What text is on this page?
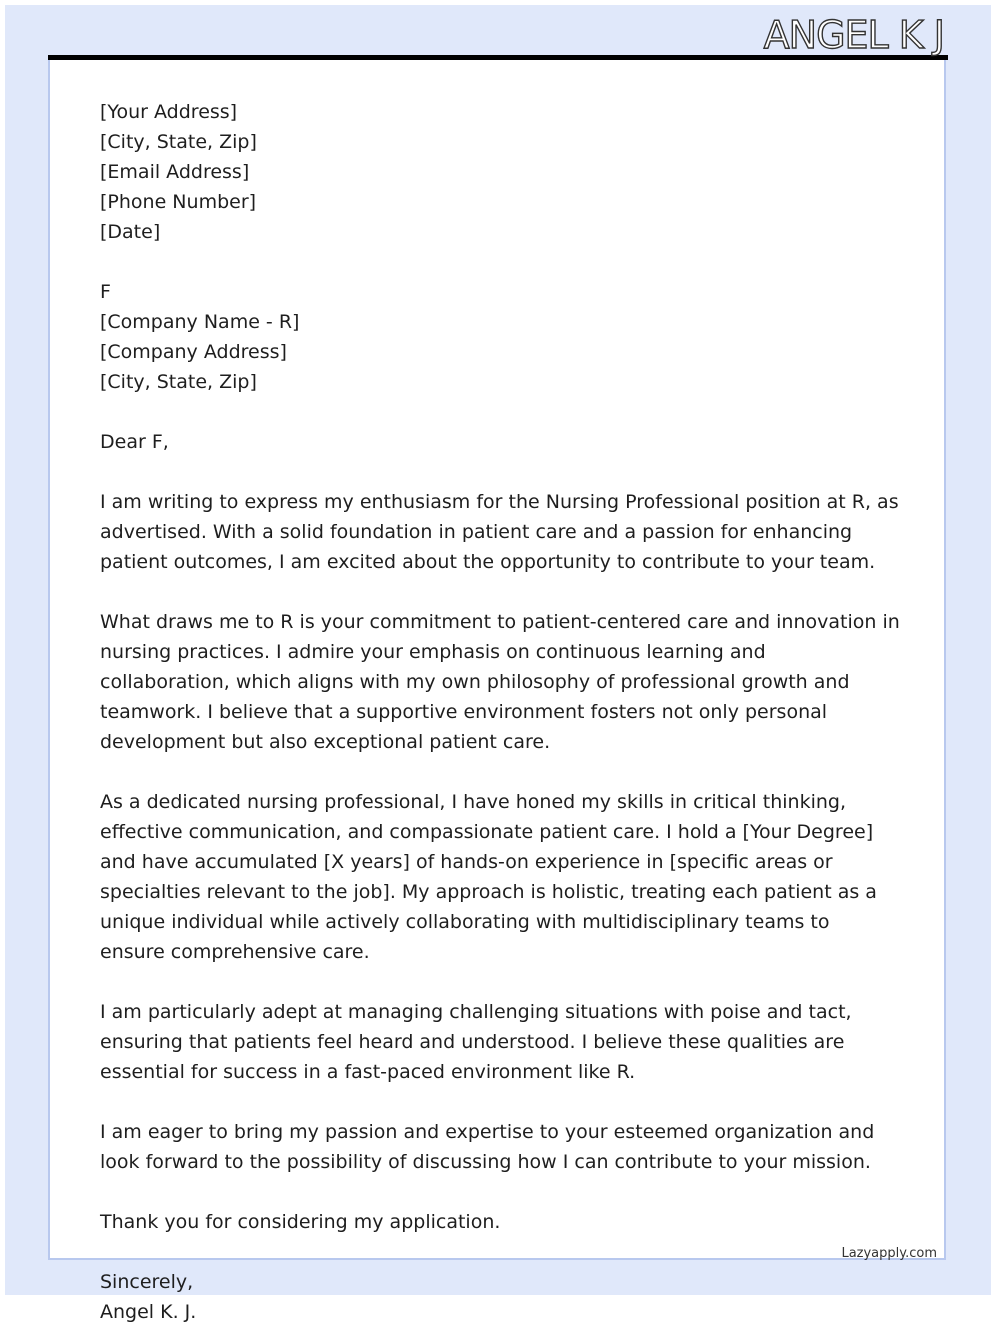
ANGEL K J

[Your Address]
[City, State, Zip]
[Email Address]
[Phone Number]
[Date]

F
[Company Name - R]
[Company Address]
[City, State, Zip]

Dear F,

I am writing to express my enthusiasm for the Nursing Professional position at R, as advertised. With a solid foundation in patient care and a passion for enhancing patient outcomes, I am excited about the opportunity to contribute to your team.

What draws me to R is your commitment to patient-centered care and innovation in nursing practices. I admire your emphasis on continuous learning and collaboration, which aligns with my own philosophy of professional growth and teamwork. I believe that a supportive environment fosters not only personal development but also exceptional patient care.

As a dedicated nursing professional, I have honed my skills in critical thinking, effective communication, and compassionate patient care. I hold a [Your Degree] and have accumulated [X years] of hands-on experience in [specific areas or specialties relevant to the job]. My approach is holistic, treating each patient as a unique individual while actively collaborating with multidisciplinary teams to ensure comprehensive care.

I am particularly adept at managing challenging situations with poise and tact, ensuring that patients feel heard and understood. I believe these qualities are essential for success in a fast-paced environment like R.

I am eager to bring my passion and expertise to your esteemed organization and look forward to the possibility of discussing how I can contribute to your mission.

Thank you for considering my application.

Sincerely,
Angel K. J.

Lazyapply.com
